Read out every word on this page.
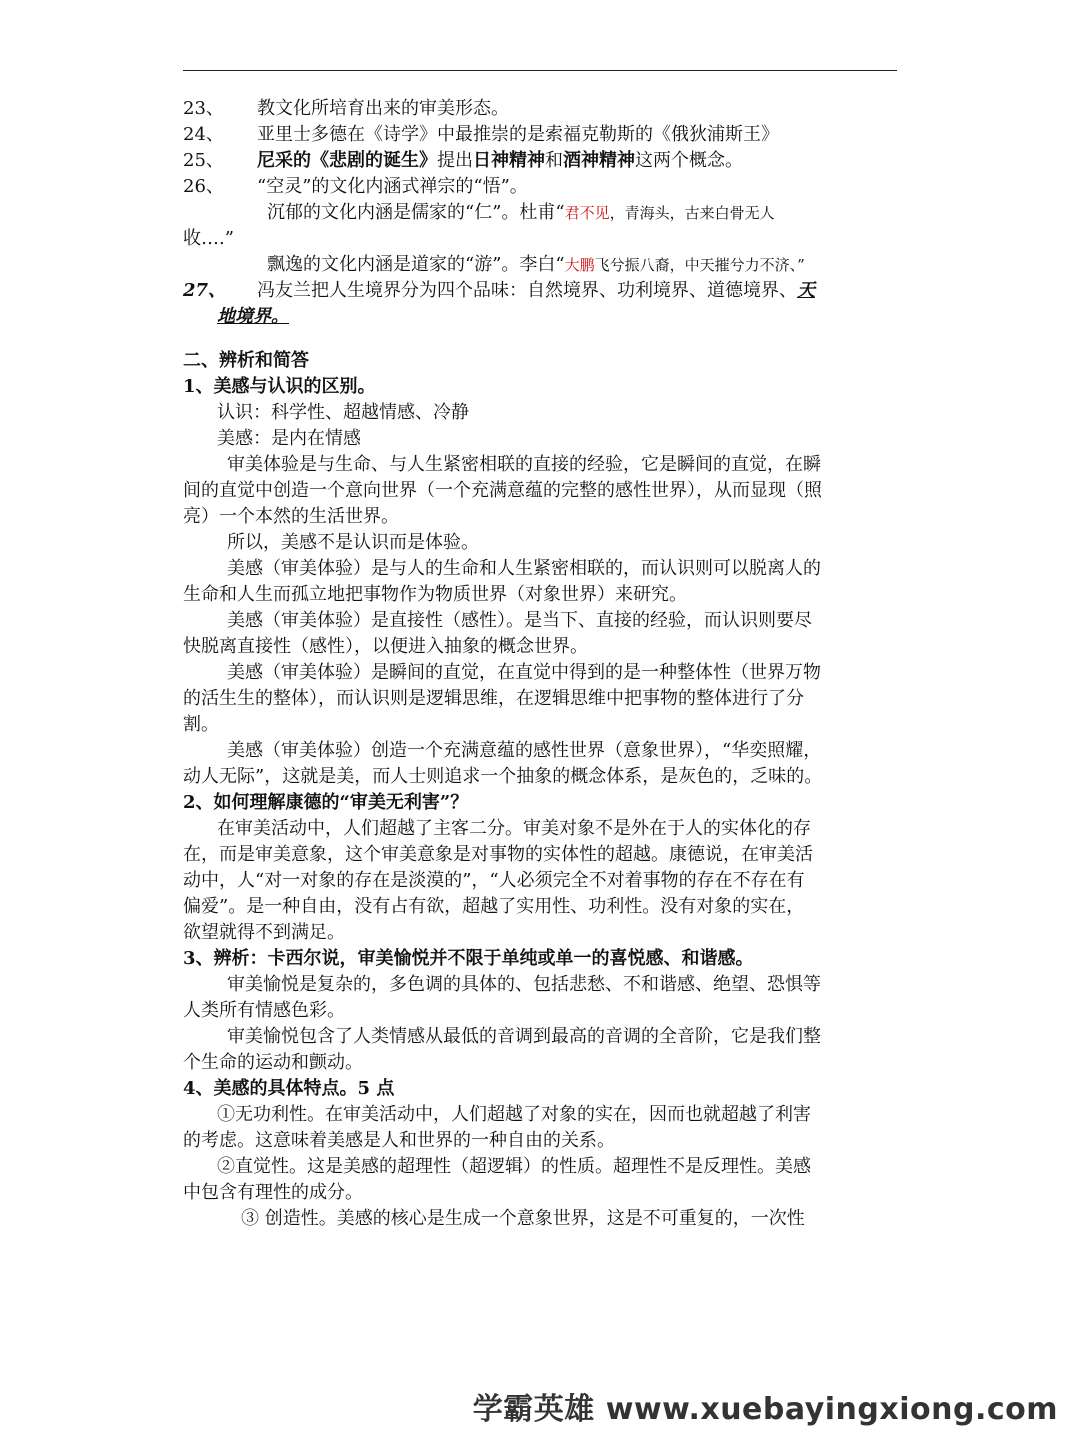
23、 教文化所培育出来的审美形态。
24、 亚里士多德在《诗学》中最推崇的是索福克勒斯的《俄狄浦斯王》
25、 尼采的《悲剧的诞生》提出日神精神和酒神精神这两个概念。
26、 “空灵”的文化内涵式禅宗的“悟”。
沉郁的文化内涵是儒家的“仁”。杜甫“君不见，青海头，古来白骨无人
收….”
飘逸的文化内涵是道家的“游”。李白“大鹏飞兮振八裔，中天摧兮力不济、”
27、 冯友兰把人生境界分为四个品味：自然境界、功利境界、道德境界、天
地境界。
二、辨析和简答
1、美感与认识的区别。
认识：科学性、超越情感、冷静
美感：是内在情感
审美体验是与生命、与人生紧密相联的直接的经验，它是瞬间的直觉，在瞬
间的直觉中创造一个意向世界（一个充满意蕴的完整的感性世界），从而显现（照
亮）一个本然的生活世界。
所以，美感不是认识而是体验。
美感（审美体验）是与人的生命和人生紧密相联的，而认识则可以脱离人的
生命和人生而孤立地把事物作为物质世界（对象世界）来研究。
美感（审美体验）是直接性（感性）。是当下、直接的经验，而认识则要尽
快脱离直接性（感性），以便进入抽象的概念世界。
美感（审美体验）是瞬间的直觉，在直觉中得到的是一种整体性（世界万物
的活生生的整体），而认识则是逻辑思维，在逻辑思维中把事物的整体进行了分
割。
美感（审美体验）创造一个充满意蕴的感性世界（意象世界），“华奕照耀，
动人无际”，这就是美，而人士则追求一个抽象的概念体系，是灰色的，乏味的。
2、如何理解康德的“审美无利害”？
在审美活动中，人们超越了主客二分。审美对象不是外在于人的实体化的存
在，而是审美意象，这个审美意象是对事物的实体性的超越。康德说，在审美活
动中，人“对一对象的存在是淡漠的”，“人必须完全不对着事物的存在不存在有
偏爱”。是一种自由，没有占有欲，超越了实用性、功利性。没有对象的实在，
欲望就得不到满足。
3、辨析：卡西尔说，审美愉悦并不限于单纯或单一的喜悦感、和谐感。
审美愉悦是复杂的，多色调的具体的、包括悲愁、不和谐感、绝望、恐惧等
人类所有情感色彩。
审美愉悦包含了人类情感从最低的音调到最高的音调的全音阶，它是我们整
个生命的运动和颤动。
4、美感的具体特点。5 点
①无功利性。在审美活动中，人们超越了对象的实在，因而也就超越了利害
的考虑。这意味着美感是人和世界的一种自由的关系。
②直觉性。这是美感的超理性（超逻辑）的性质。超理性不是反理性。美感
中包含有理性的成分。
③ 创造性。美感的核心是生成一个意象世界，这是不可重复的，一次性
学霸英雄 www.xuebayingxiong.com
